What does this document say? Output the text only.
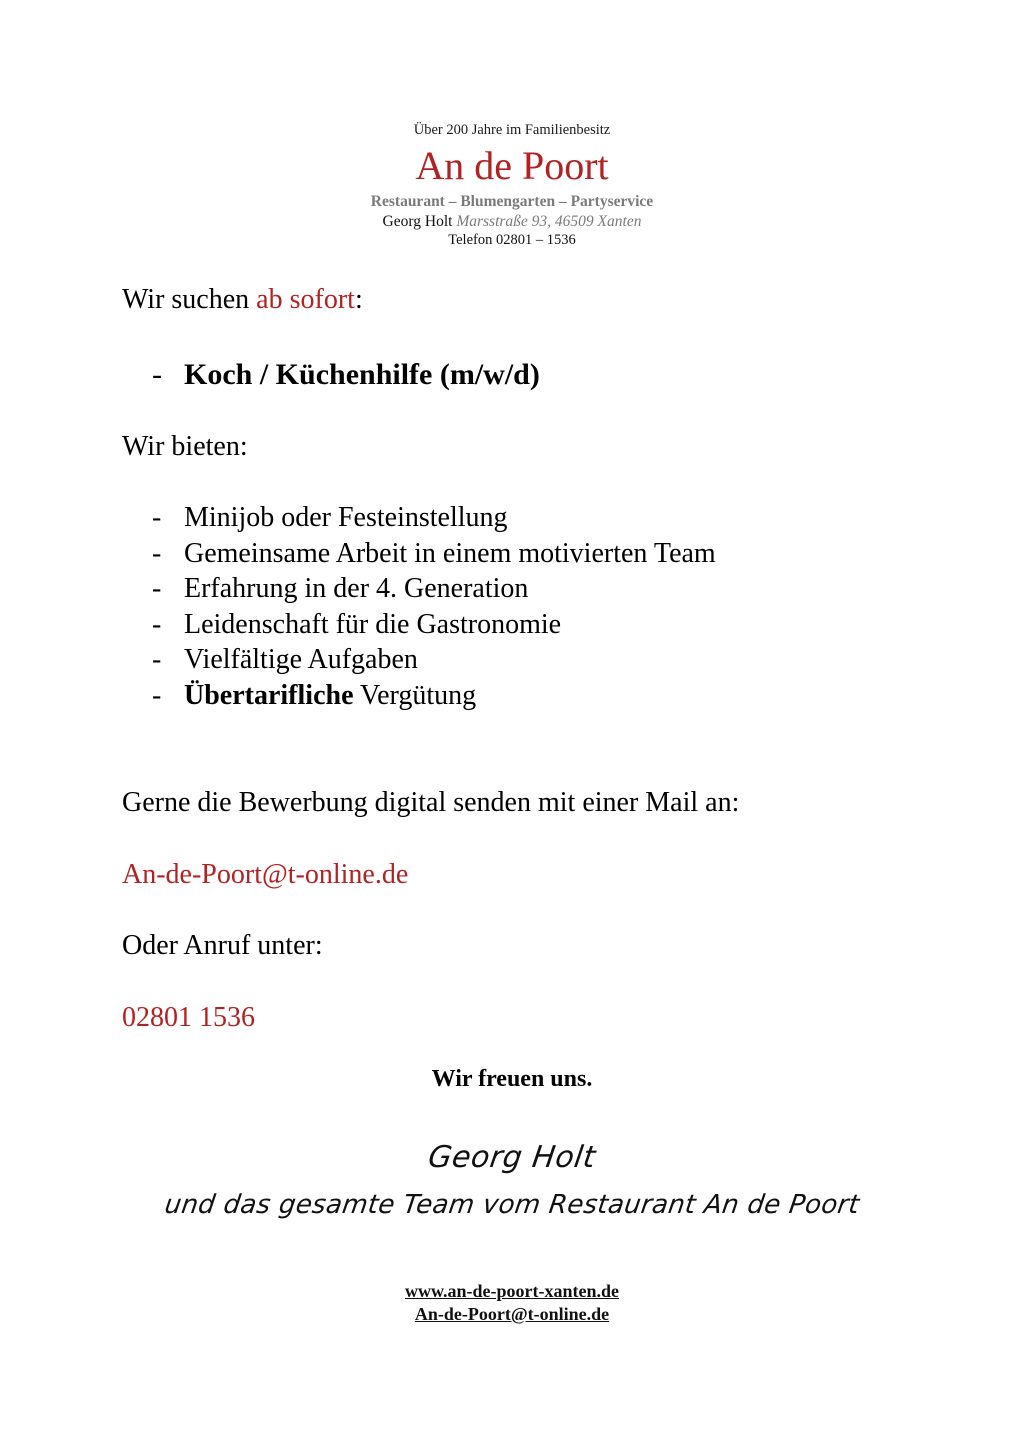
Über 200 Jahre im Familienbesitz

An de Poort

Restaurant – Blumengarten – Partyservice

Georg Holt Marsstraße 93, 46509 Xanten

Telefon 02801 – 1536

Wir suchen ab sofort:

- Koch / Küchenhilfe (m/w/d)

Wir bieten:

- Minijob oder Festeinstellung
- Gemeinsame Arbeit in einem motivierten Team
- Erfahrung in der 4. Generation
- Leidenschaft für die Gastronomie
- Vielfältige Aufgaben
- Übertarifliche Vergütung

Gerne die Bewerbung digital senden mit einer Mail an:

An-de-Poort@t-online.de

Oder Anruf unter:

02801 1536

Wir freuen uns.

Georg Holt

und das gesamte Team vom Restaurant An de Poort

www.an-de-poort-xanten.de

An-de-Poort@t-online.de
